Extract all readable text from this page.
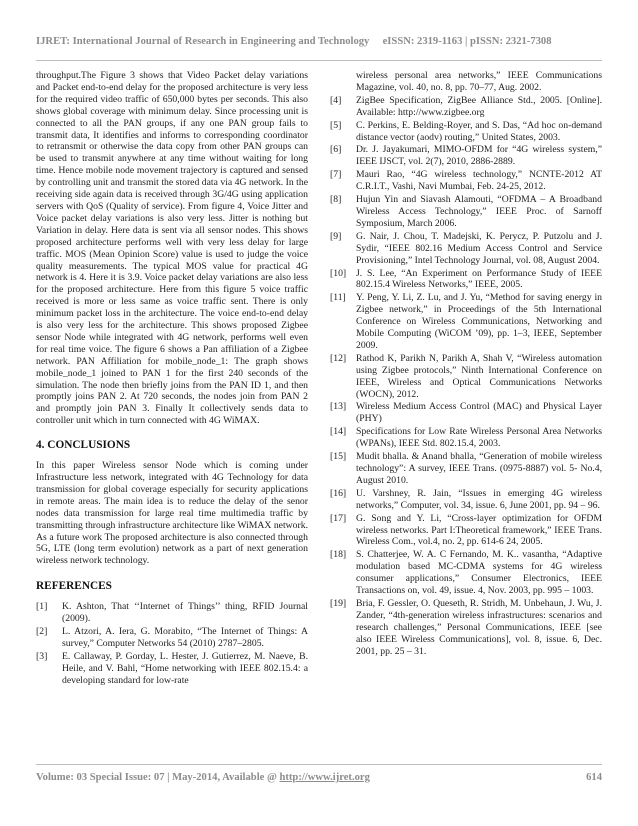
IJRET: International Journal of Research in Engineering and Technology eISSN: 2319-1163 | pISSN: 2321-7308

throughput.The Figure 3 shows that Video Packet delay variations and Packet end-to-end delay for the proposed architecture is very less for the required video traffic of 650,000 bytes per seconds. This also shows global coverage with minimum delay. Since processing unit is connected to all the PAN groups, if any one PAN group fails to transmit data, It identifies and informs to corresponding coordinator to retransmit or otherwise the data copy from other PAN groups can be used to transmit anywhere at any time without waiting for long time. Hence mobile node movement trajectory is captured and sensed by controlling unit and transmit the stored data via 4G network. In the receiving side again data is received through 3G/4G using application servers with QoS (Quality of service). From figure 4, Voice Jitter and Voice packet delay variations is also very less. Jitter is nothing but Variation in delay. Here data is sent via all sensor nodes. This shows proposed architecture performs well with very less delay for large traffic. MOS (Mean Opinion Score) value is used to judge the voice quality measurements. The typical MOS value for practical 4G network is 4. Here it is 3.9. Voice packet delay variations are also less for the proposed architecture. Here from this figure 5 voice traffic received is more or less same as voice traffic sent. There is only minimum packet loss in the architecture. The voice end-to-end delay is also very less for the architecture. This shows proposed Zigbee sensor Node while integrated with 4G network, performs well even for real time voice. The figure 6 shows a Pan affiliation of a Zigbee network. PAN Affiliation for mobile_node_1: The graph shows mobile_node_1 joined to PAN 1 for the first 240 seconds of the simulation. The node then briefly joins from the PAN ID 1, and then promptly joins PAN 2. At 720 seconds, the nodes join from PAN 2 and promptly join PAN 3. Finally It collectively sends data to controller unit which in turn connected with 4G WiMAX.

4. CONCLUSIONS

In this paper Wireless sensor Node which is coming under Infrastructure less network, integrated with 4G Technology for data transmission for global coverage especially for security applications in remote areas. The main idea is to reduce the delay of the senor nodes data transmission for large real time multimedia traffic by transmitting through infrastructure architecture like WiMAX network. As a future work The proposed architecture is also connected through 5G, LTE (long term evolution) network as a part of next generation wireless network technology.

REFERENCES
[1]	K. Ashton, That ‘‘Internet of Things’’ thing, RFID Journal (2009).
[2]	L. Atzori, A. Iera, G. Morabito, “The Internet of Things: A survey,” Computer Networks 54 (2010) 2787–2805.
[3]	E. Callaway, P. Gorday, L. Hester, J. Gutierrez, M. Naeve, B. Heile, and V. Bahl, “Home networking with IEEE 802.15.4: a developing standard for low-rate
wireless personal area networks,” IEEE Communications Magazine, vol. 40, no. 8, pp. 70–77, Aug. 2002.
[4]	ZigBee Specification, ZigBee Alliance Std., 2005. [Online]. Available: http://www.zigbee.org
[5]	C. Perkins, E. Belding-Royer, and S. Das, “Ad hoc on-demand distance vector (aodv) routing,” United States, 2003.
[6]	Dr. J. Jayakumari, MIMO-OFDM for “4G wireless system,” IEEE IJSCT, vol. 2(7), 2010, 2886-2889.
[7]	Mauri Rao, “4G wireless technology,” NCNTE-2012 AT C.R.I.T., Vashi, Navi Mumbai, Feb. 24-25, 2012.
[8]	Hujun Yin and Siavash Alamouti, “OFDMA – A Broadband Wireless Access Technology,” IEEE Proc. of Sarnoff Symposium, March 2006.
[9]	G. Nair, J. Chou, T. Madejski, K. Perycz, P. Putzolu and J. Sydir, “IEEE 802.16 Medium Access Control and Service Provisioning,” Intel Technology Journal, vol. 08, August 2004.
[10]	J. S. Lee, “An Experiment on Performance Study of IEEE 802.15.4 Wireless Networks,” IEEE, 2005.
[11]	Y. Peng, Y. Li, Z. Lu, and J. Yu, “Method for saving energy in Zigbee network,” in Proceedings of the 5th International Conference on Wireless Communications, Networking and Mobile Computing (WiCOM ’09), pp. 1–3, IEEE, September 2009.
[12]	Rathod K, Parikh N, Parikh A, Shah V, “Wireless automation using Zigbee protocols,” Ninth International Conference on IEEE, Wireless and Optical Communications Networks (WOCN), 2012.
[13]	Wireless Medium Access Control (MAC) and Physical Layer (PHY)
[14]	Specifications for Low Rate Wireless Personal Area Networks (WPANs), IEEE Std. 802.15.4, 2003.
[15]	Mudit bhalla. & Anand bhalla, “Generation of mobile wireless technology”: A survey, IEEE Trans. (0975-8887) vol. 5- No.4, August 2010.
[16]	U. Varshney, R. Jain, “Issues in emerging 4G wireless networks,” Computer, vol. 34, issue. 6, June 2001, pp. 94 – 96.
[17]	G. Song and Y. Li, “Cross-layer optimization for OFDM wireless networks. Part I:Theoretical framework,” IEEE Trans. Wireless Com., vol.4, no. 2, pp. 614-6 24, 2005.
[18]	S. Chatterjee, W. A. C Fernando, M. K.. vasantha, “Adaptive modulation based MC-CDMA systems for 4G wireless consumer applications,” Consumer Electronics, IEEE Transactions on, vol. 49, issue. 4, Nov. 2003, pp. 995 – 1003.
[19]	Bria, F. Gessler, O. Queseth, R. Stridh, M. Unbehaun, J. Wu, J. Zander, “4th-generation wireless infrastructures: scenarios and research challenges,” Personal Communications, IEEE [see also IEEE Wireless Communications], vol. 8, issue. 6, Dec. 2001, pp. 25 – 31.
Volume: 03 Special Issue: 07 | May-2014, Available @ http://www.ijret.org	614
